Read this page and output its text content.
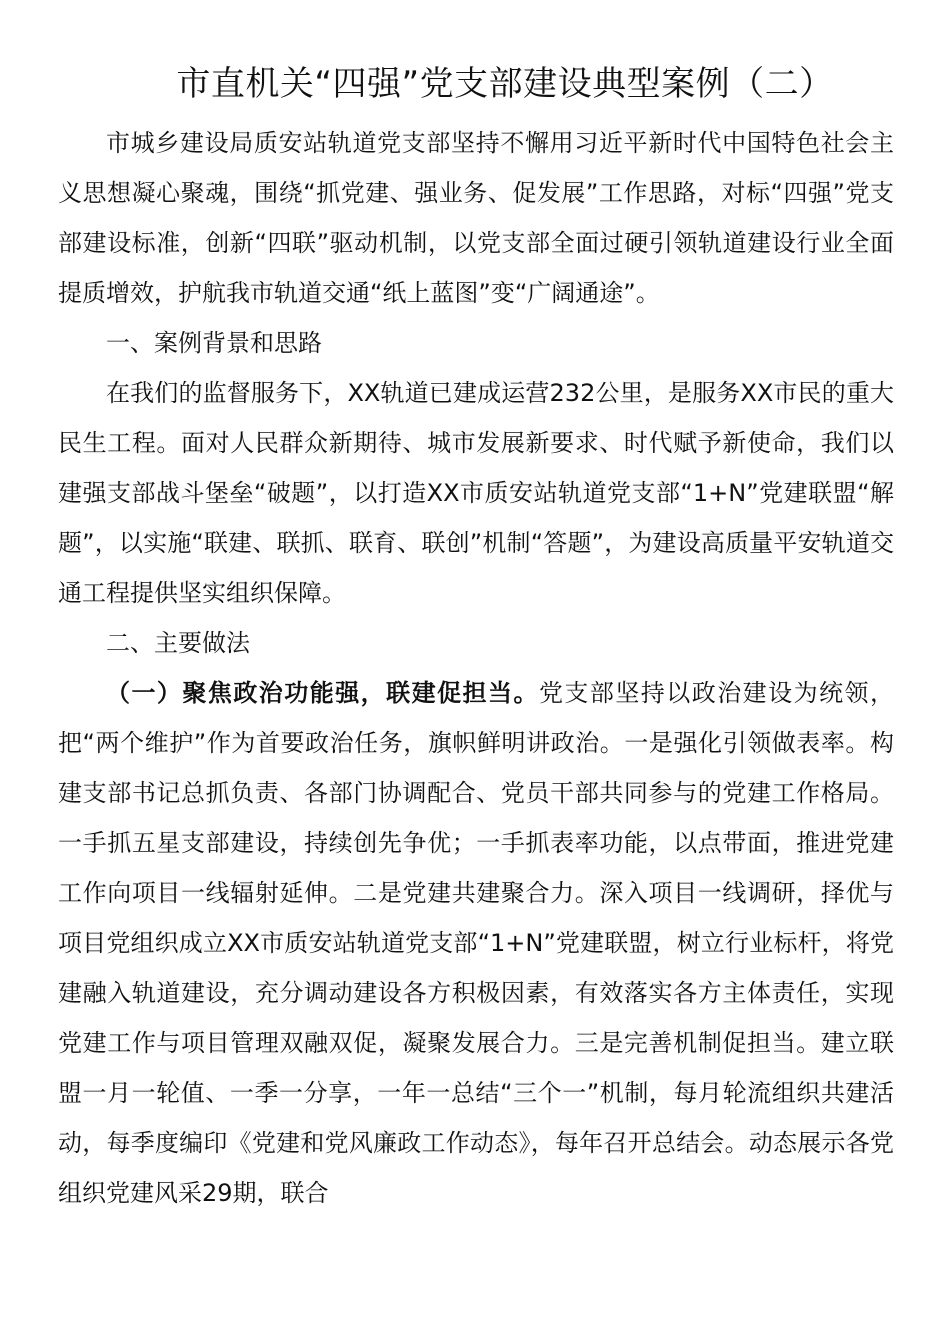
市直机关“四强”党支部建设典型案例（二）

市城乡建设局质安站轨道党支部坚持不懈用习近平新时代中国特色社会主义思想凝心聚魂，围绕“抓党建、强业务、促发展”工作思路，对标“四强”党支部建设标准，创新“四联”驱动机制，以党支部全面过硬引领轨道建设行业全面提质增效，护航我市轨道交通“纸上蓝图”变“广阔通途”。

一、案例背景和思路

在我们的监督服务下，XX轨道已建成运营232公里，是服务XX市民的重大民生工程。面对人民群众新期待、城市发展新要求、时代赋予新使命，我们以建强支部战斗堡垒“破题”，以打造XX市质安站轨道党支部“1+N”党建联盟“解题”，以实施“联建、联抓、联育、联创”机制“答题”，为建设高质量平安轨道交通工程提供坚实组织保障。

二、主要做法

（一）聚焦政治功能强，联建促担当。党支部坚持以政治建设为统领，把“两个维护”作为首要政治任务，旗帜鲜明讲政治。一是强化引领做表率。构建支部书记总抓负责、各部门协调配合、党员干部共同参与的党建工作格局。一手抓五星支部建设，持续创先争优；一手抓表率功能，以点带面，推进党建工作向项目一线辐射延伸。二是党建共建聚合力。深入项目一线调研，择优与项目党组织成立XX市质安站轨道党支部“1+N”党建联盟，树立行业标杆，将党建融入轨道建设，充分调动建设各方积极因素，有效落实各方主体责任，实现党建工作与项目管理双融双促，凝聚发展合力。三是完善机制促担当。建立联盟一月一轮值、一季一分享，一年一总结“三个一”机制，每月轮流组织共建活动，每季度编印《党建和党风廉政工作动态》，每年召开总结会。动态展示各党组织党建风采29期，联合
